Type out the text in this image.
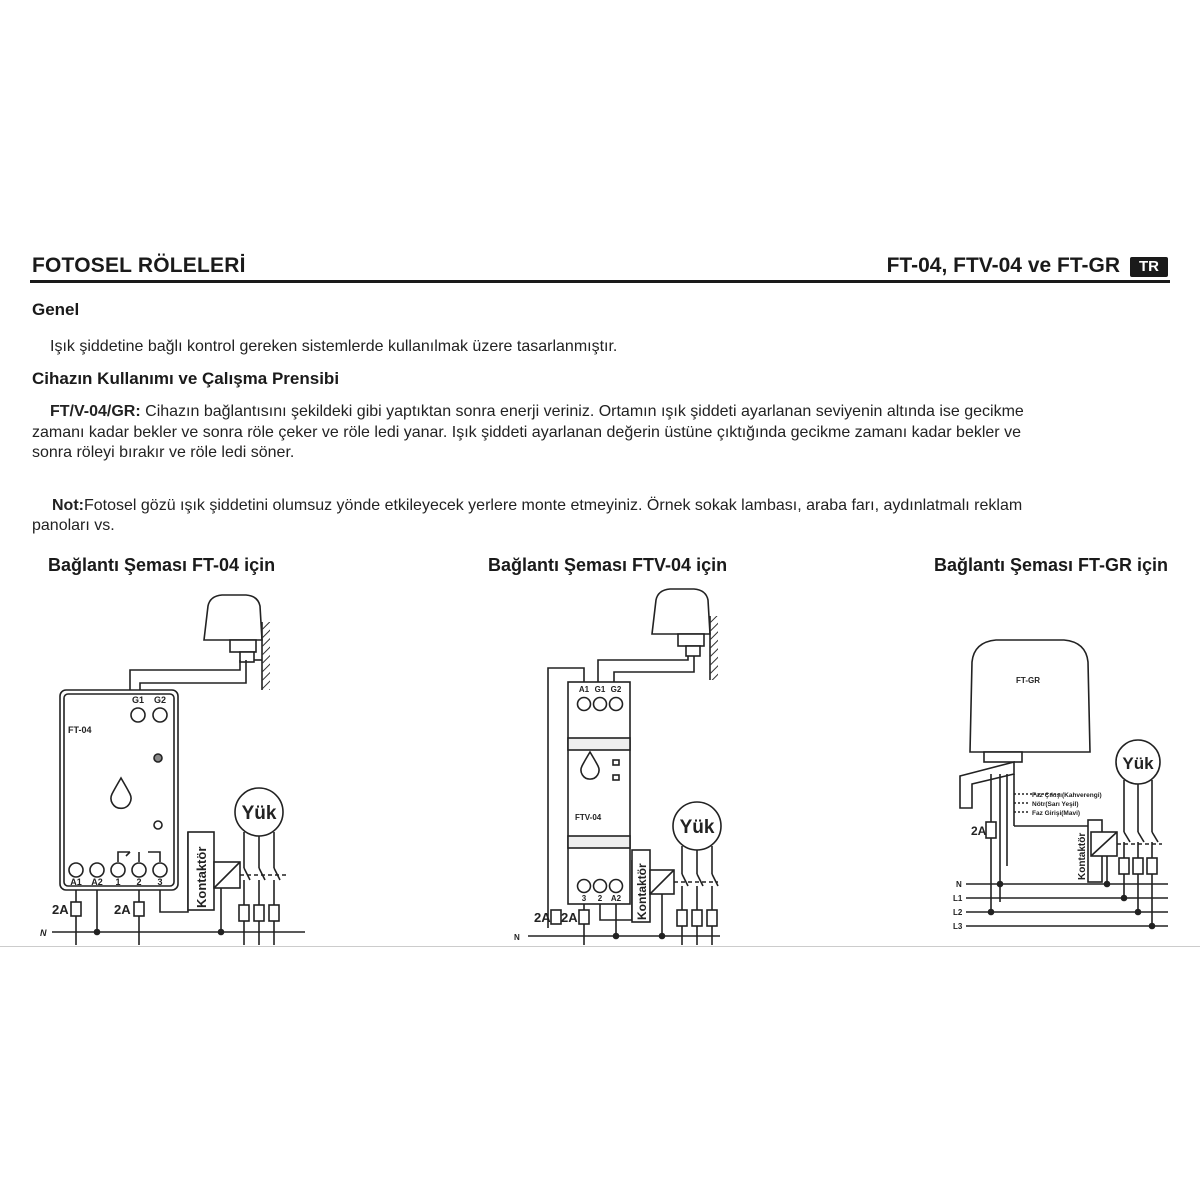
FOTOSEL RÖLELERİ	FT-04, FTV-04 ve FT-GR	TR
Genel
Işık şiddetine bağlı kontrol gereken sistemlerde kullanılmak üzere tasarlanmıştır.
Cihazın Kullanımı ve Çalışma Prensibi
FT/V-04/GR: Cihazın bağlantısını şekildeki gibi yaptıktan sonra enerji veriniz. Ortamın ışık şiddeti ayarlanan seviyenin altında ise gecikme
zamanı kadar bekler ve sonra röle çeker ve röle ledi yanar. Işık şiddeti ayarlanan değerin üstüne çıktığında gecikme zamanı kadar bekler ve
sonra röleyi bırakır ve röle ledi söner.
Not:Fotosel gözü ışık şiddetini olumsuz yönde etkileyecek yerlere monte etmeyiniz. Örnek sokak lambası, araba farı, aydınlatmalı reklam
panoları vs.
Bağlantı Şeması FT-04 için	Bağlantı Şeması FTV-04 için	Bağlantı Şeması FT-GR için
G1 G2
FT-04
A1 A2 1 2 3
2A	2A
Kontaktör
Yük
N
A1 G1 G2
FTV-04
3 2 A2
2A 2A	Kontaktör
Yük
N
FT-GR
Faz Çıkışı(Kahverengi)
Nötr(Sarı Yeşil)
Faz Girişi(Mavi)
2A
Kontaktör
Yük
N
L1
L2
L3
